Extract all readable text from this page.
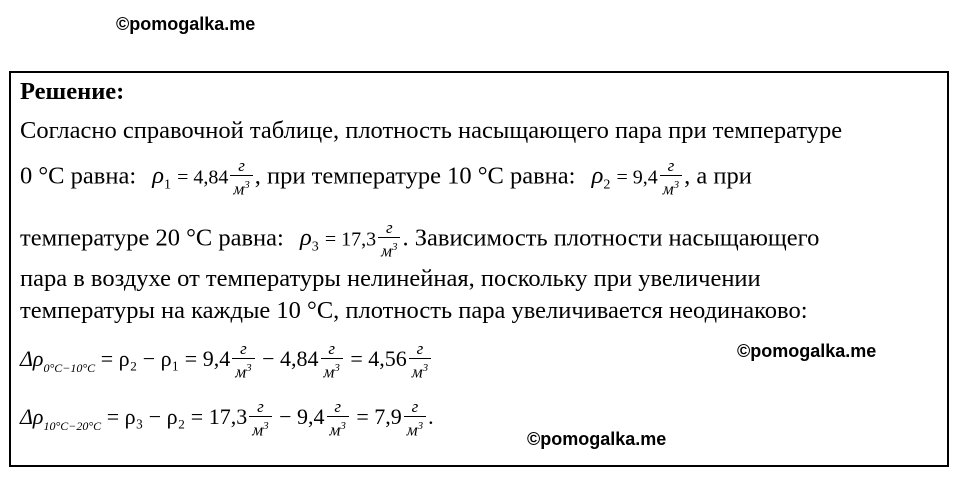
©pomogalka.me
Решение:
Согласно справочной таблице, плотность насыщающего пара при температуре
0 °С равна: $\rho_1 = 4,84 \frac{г}{м^3}$ , при температуре 10 °С равна: $\rho_2 = 9,4 \frac{г}{м^3}$ , а при
температуре 20 °С равна: $\rho_3 = 17,3 \frac{г}{м^3}$ . Зависимость плотности насыщающего
пара в воздухе от температуры нелинейная, поскольку при увеличении
температуры на каждые 10 °С, плотность пара увеличивается неодинаково:
$\Delta\rho_{0^\circ C-10^\circ C} = \rho_2 - \rho_1 = 9,4 \frac{г}{м^3} - 4,84 \frac{г}{м^3} = 4,56 \frac{г}{м^3}$	©pomogalka.me
$\Delta\rho_{10^\circ C-20^\circ C} = \rho_3 - \rho_2 = 17,3 \frac{г}{м^3} - 9,4 \frac{г}{м^3} = 7,9 \frac{г}{м^3}$ .
©pomogalka.me
